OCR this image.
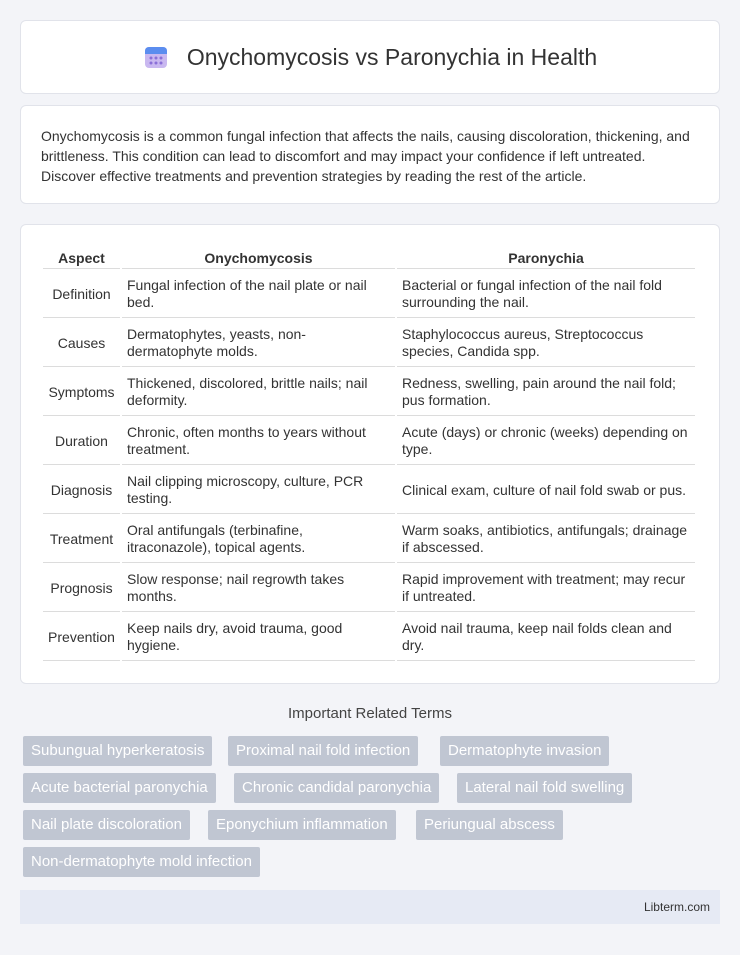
Onychomycosis vs Paronychia in Health

Onychomycosis is a common fungal infection that affects the nails, causing discoloration, thickening, and brittleness. This condition can lead to discomfort and may impact your confidence if left untreated. Discover effective treatments and prevention strategies by reading the rest of the article.

Aspect	Onychomycosis	Paronychia
Definition	Fungal infection of the nail plate or nail bed.	Bacterial or fungal infection of the nail fold surrounding the nail.
Causes	Dermatophytes, yeasts, non-dermatophyte molds.	Staphylococcus aureus, Streptococcus species, Candida spp.
Symptoms	Thickened, discolored, brittle nails; nail deformity.	Redness, swelling, pain around the nail fold; pus formation.
Duration	Chronic, often months to years without treatment.	Acute (days) or chronic (weeks) depending on type.
Diagnosis	Nail clipping microscopy, culture, PCR testing.	Clinical exam, culture of nail fold swab or pus.
Treatment	Oral antifungals (terbinafine, itraconazole), topical agents.	Warm soaks, antibiotics, antifungals; drainage if abscessed.
Prognosis	Slow response; nail regrowth takes months.	Rapid improvement with treatment; may recur if untreated.
Prevention	Keep nails dry, avoid trauma, good hygiene.	Avoid nail trauma, keep nail folds clean and dry.
Important Related Terms
Subungual hyperkeratosis	Proximal nail fold infection	Dermatophyte invasion
Acute bacterial paronychia	Chronic candidal paronychia	Lateral nail fold swelling
Nail plate discoloration	Eponychium inflammation	Periungual abscess
Non-dermatophyte mold infection
Libterm.com
